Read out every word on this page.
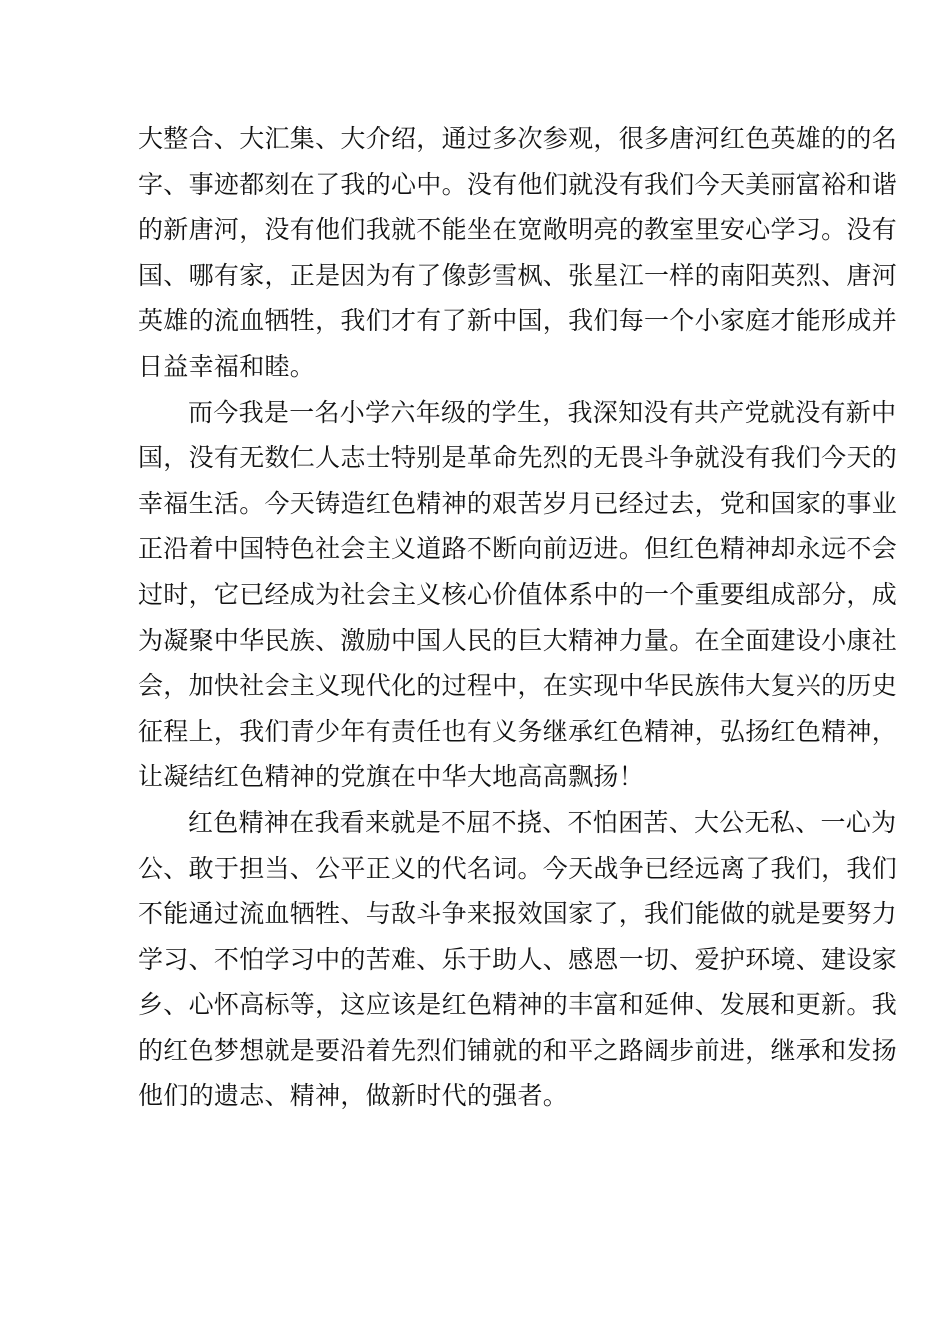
大整合、大汇集、大介绍，通过多次参观，很多唐河红色英雄的的名
字、事迹都刻在了我的心中。没有他们就没有我们今天美丽富裕和谐
的新唐河，没有他们我就不能坐在宽敞明亮的教室里安心学习。没有
国、哪有家，正是因为有了像彭雪枫、张星江一样的南阳英烈、唐河
英雄的流血牺牲，我们才有了新中国，我们每一个小家庭才能形成并
日益幸福和睦。
而今我是一名小学六年级的学生，我深知没有共产党就没有新中
国，没有无数仁人志士特别是革命先烈的无畏斗争就没有我们今天的
幸福生活。今天铸造红色精神的艰苦岁月已经过去，党和国家的事业
正沿着中国特色社会主义道路不断向前迈进。但红色精神却永远不会
过时，它已经成为社会主义核心价值体系中的一个重要组成部分，成
为凝聚中华民族、激励中国人民的巨大精神力量。在全面建设小康社
会，加快社会主义现代化的过程中，在实现中华民族伟大复兴的历史
征程上，我们青少年有责任也有义务继承红色精神，弘扬红色精神，
让凝结红色精神的党旗在中华大地高高飘扬！
红色精神在我看来就是不屈不挠、不怕困苦、大公无私、一心为
公、敢于担当、公平正义的代名词。今天战争已经远离了我们，我们
不能通过流血牺牲、与敌斗争来报效国家了，我们能做的就是要努力
学习、不怕学习中的苦难、乐于助人、感恩一切、爱护环境、建设家
乡、心怀高标等，这应该是红色精神的丰富和延伸、发展和更新。我
的红色梦想就是要沿着先烈们铺就的和平之路阔步前进，继承和发扬
他们的遗志、精神，做新时代的强者。
